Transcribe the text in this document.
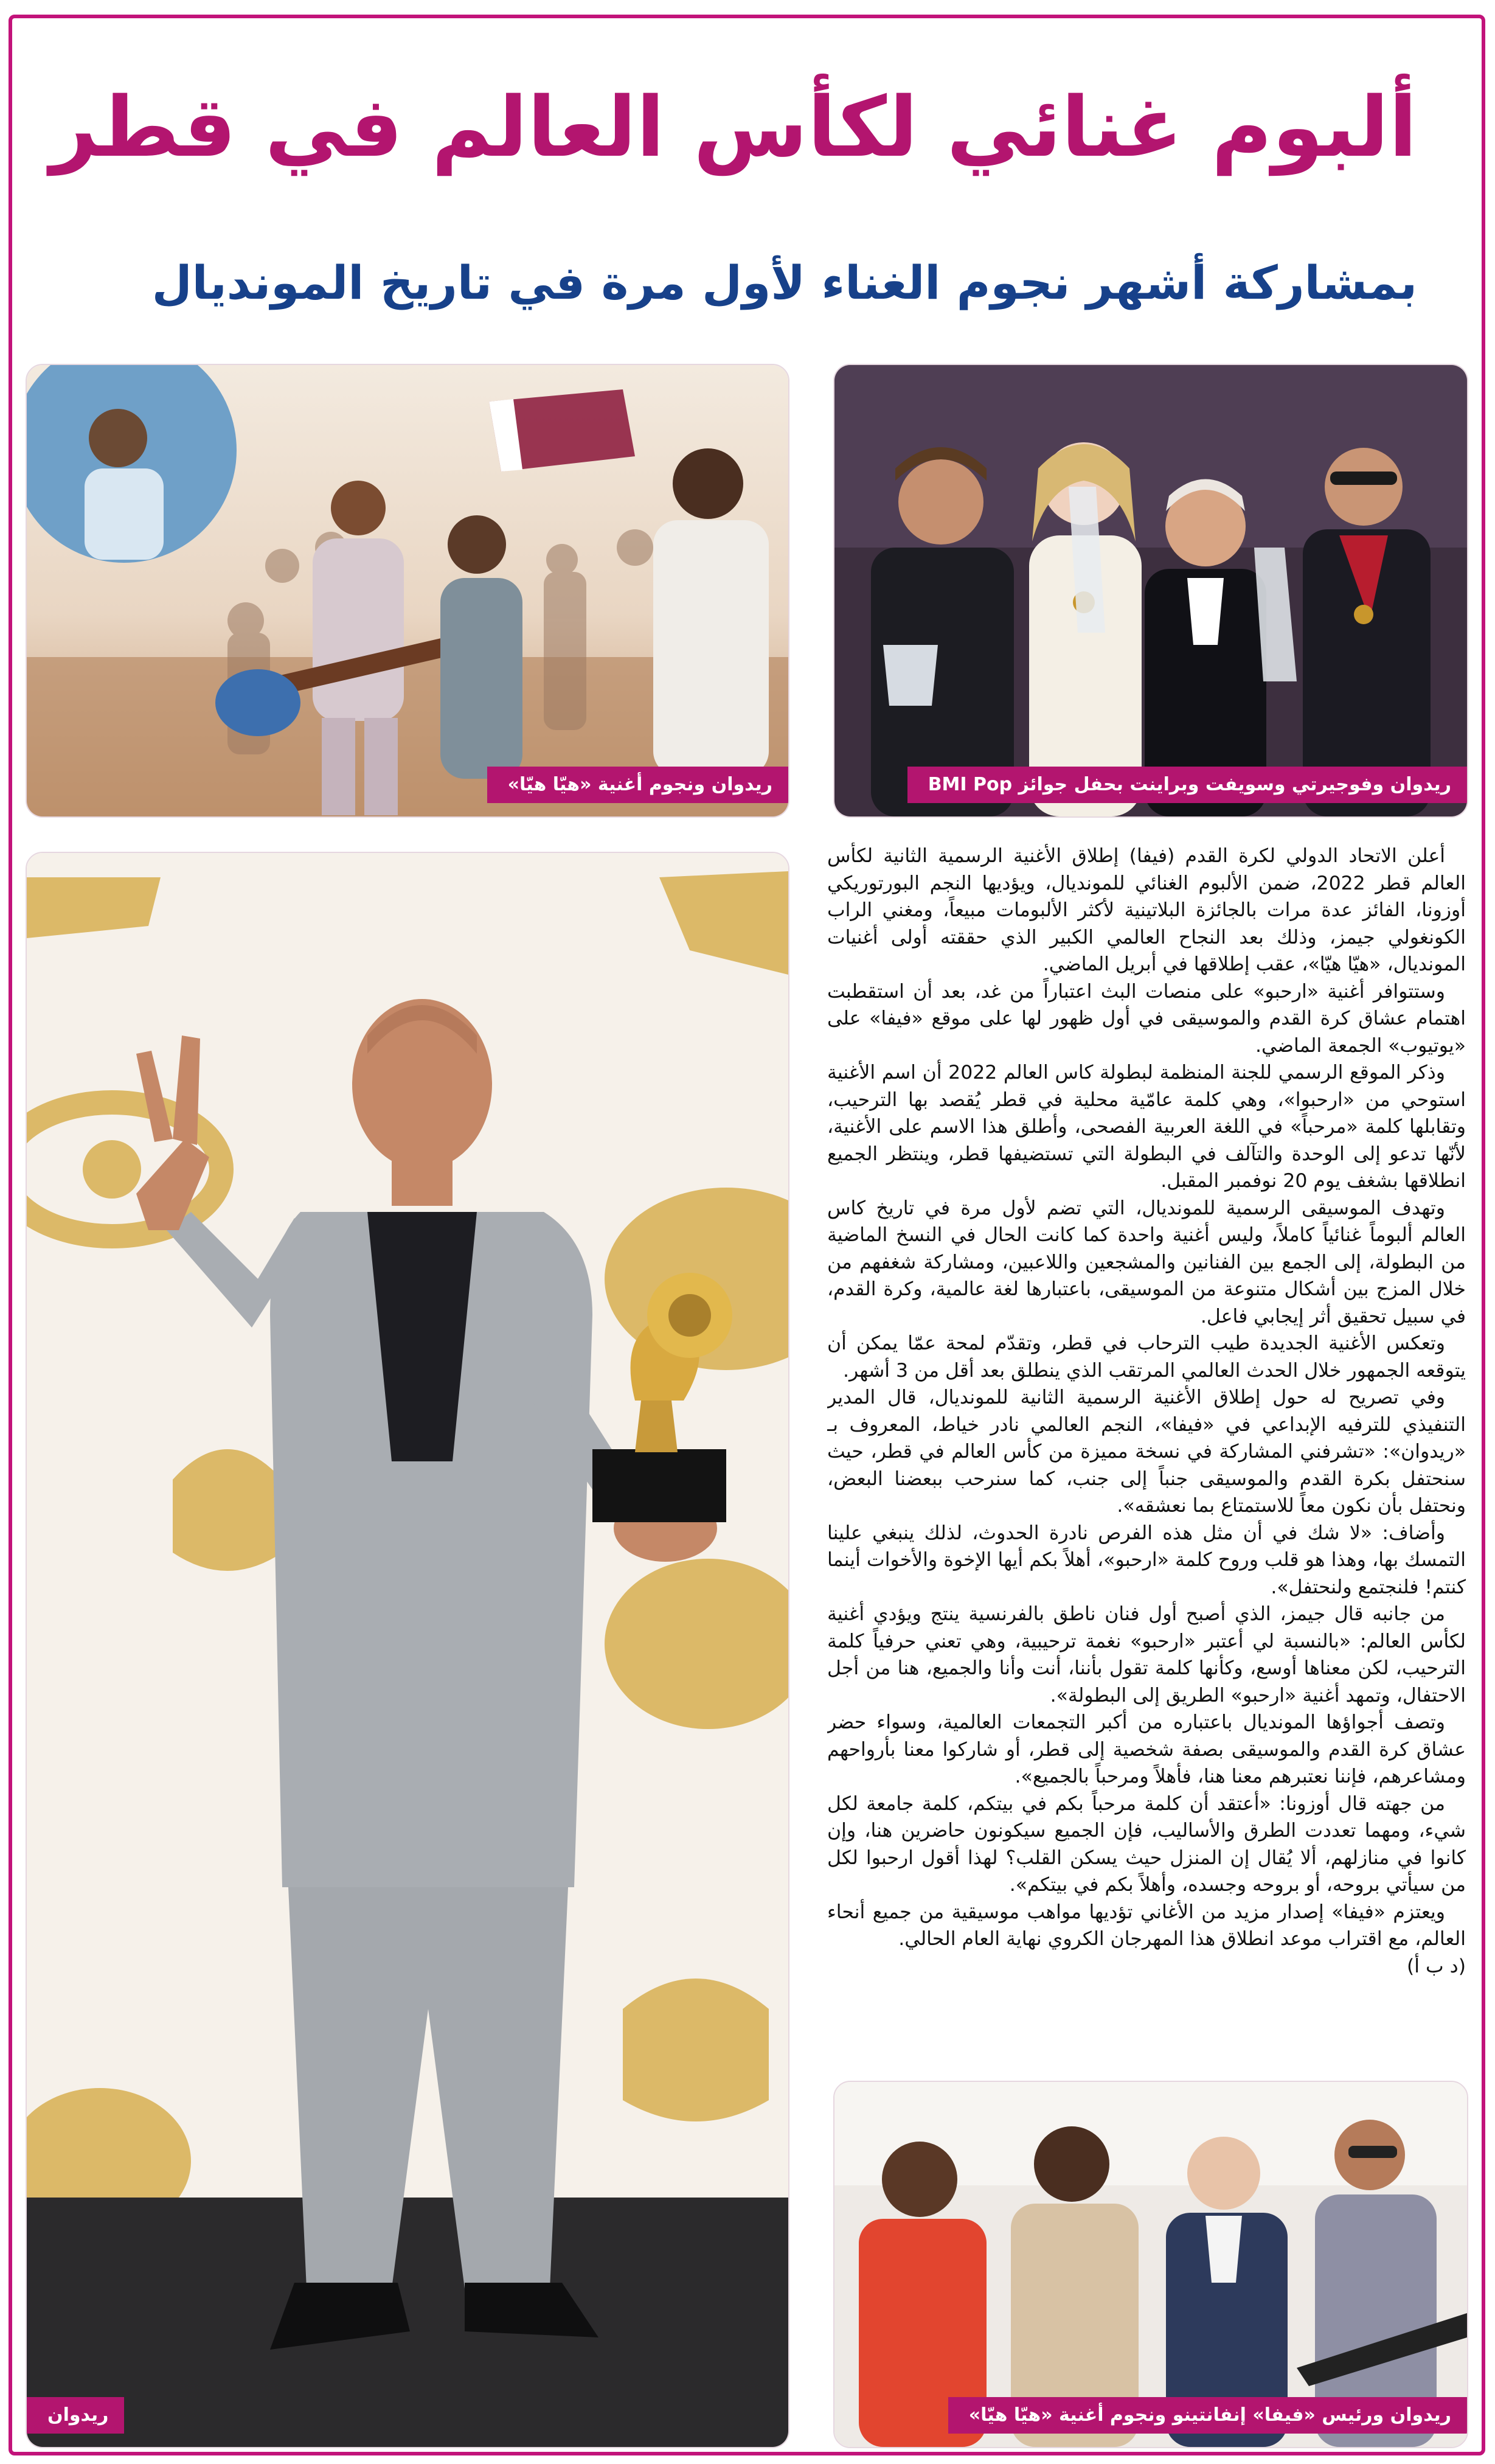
ألبوم غنائي لكأس العالم في قطر
بمشاركة أشهر نجوم الغناء لأول مرة في تاريخ المونديال
ريدوان ونجوم أغنية «هيّا هيّا»	ريدوان وفوجيرتي وسويفت وبراينت بحفل جوائز BMI Pop
ريدوان	ريدوان ورئيس «فيفا» إنفانتينو ونجوم أغنية «هيّا هيّا»

أعلن الاتحاد الدولي لكرة القدم (فيفا) إطلاق الأغنية الرسمية الثانية لكأس العالم قطر 2022، ضمن الألبوم الغنائي للمونديال، ويؤديها النجم البورتوريكي أوزونا، الفائز عدة مرات بالجائزة البلاتينية لأكثر الألبومات مبيعاً، ومغني الراب الكونغولي جيمز، وذلك بعد النجاح العالمي الكبير الذي حققته أولى أغنيات المونديال، «هيّا هيّا»، عقب إطلاقها في أبريل الماضي.

وستتوافر أغنية «ارحبو» على منصات البث اعتباراً من غد، بعد أن استقطبت اهتمام عشاق كرة القدم والموسيقى في أول ظهور لها على موقع «فيفا» على «يوتيوب» الجمعة الماضي.

وذكر الموقع الرسمي للجنة المنظمة لبطولة كاس العالم 2022 أن اسم الأغنية استوحي من «ارحبوا»، وهي كلمة عامّية محلية في قطر يُقصد بها الترحيب، وتقابلها كلمة «مرحباً» في اللغة العربية الفصحى، وأطلق هذا الاسم على الأغنية، لأنّها تدعو إلى الوحدة والتآلف في البطولة التي تستضيفها قطر، وينتظر الجميع انطلاقها بشغف يوم 20 نوفمبر المقبل.

وتهدف الموسيقى الرسمية للمونديال، التي تضم لأول مرة في تاريخ كاس العالم ألبوماً غنائياً كاملاً، وليس أغنية واحدة كما كانت الحال في النسخ الماضية من البطولة، إلى الجمع بين الفنانين والمشجعين واللاعبين، ومشاركة شغفهم من خلال المزج بين أشكال متنوعة من الموسيقى، باعتبارها لغة عالمية، وكرة القدم، في سبيل تحقيق أثر إيجابي فاعل.

وتعكس الأغنية الجديدة طيب الترحاب في قطر، وتقدّم لمحة عمّا يمكن أن يتوقعه الجمهور خلال الحدث العالمي المرتقب الذي ينطلق بعد أقل من 3 أشهر.

وفي تصريح له حول إطلاق الأغنية الرسمية الثانية للمونديال، قال المدير التنفيذي للترفيه الإبداعي في «فيفا»، النجم العالمي نادر خياط، المعروف بـ «ريدوان»: «تشرفني المشاركة في نسخة مميزة من كأس العالم في قطر، حيث سنحتفل بكرة القدم والموسيقى جنباً إلى جنب، كما سنرحب ببعضنا البعض، ونحتفل بأن نكون معاً للاستمتاع بما نعشقه».

وأضاف: «لا شك في أن مثل هذه الفرص نادرة الحدوث، لذلك ينبغي علينا التمسك بها، وهذا هو قلب وروح كلمة «ارحبو»، أهلاً بكم أيها الإخوة والأخوات أينما كنتم! فلنجتمع ولنحتفل».

من جانبه قال جيمز، الذي أصبح أول فنان ناطق بالفرنسية ينتج ويؤدي أغنية لكأس العالم: «بالنسبة لي أعتبر «ارحبو» نغمة ترحيبية، وهي تعني حرفياً كلمة الترحيب، لكن معناها أوسع، وكأنها كلمة تقول بأننا، أنت وأنا والجميع، هنا من أجل الاحتفال، وتمهد أغنية «ارحبو» الطريق إلى البطولة».

وتصف أجواؤها المونديال باعتباره من أكبر التجمعات العالمية، وسواء حضر عشاق كرة القدم والموسيقى بصفة شخصية إلى قطر، أو شاركوا معنا بأرواحهم ومشاعرهم، فإننا نعتبرهم معنا هنا، فأهلاً ومرحباً بالجميع».

من جهته قال أوزونا: «أعتقد أن كلمة مرحباً بكم في بيتكم، كلمة جامعة لكل شيء، ومهما تعددت الطرق والأساليب، فإن الجميع سيكونون حاضرين هنا، وإن كانوا في منازلهم، ألا يُقال إن المنزل حيث يسكن القلب؟ لهذا أقول ارحبوا لكل من سيأتي بروحه، أو بروحه وجسده، وأهلاً بكم في بيتكم».

ويعتزم «فيفا» إصدار مزيد من الأغاني تؤديها مواهب موسيقية من جميع أنحاء العالم، مع اقتراب موعد انطلاق هذا المهرجان الكروي نهاية العام الحالي.

(د ب أ)
